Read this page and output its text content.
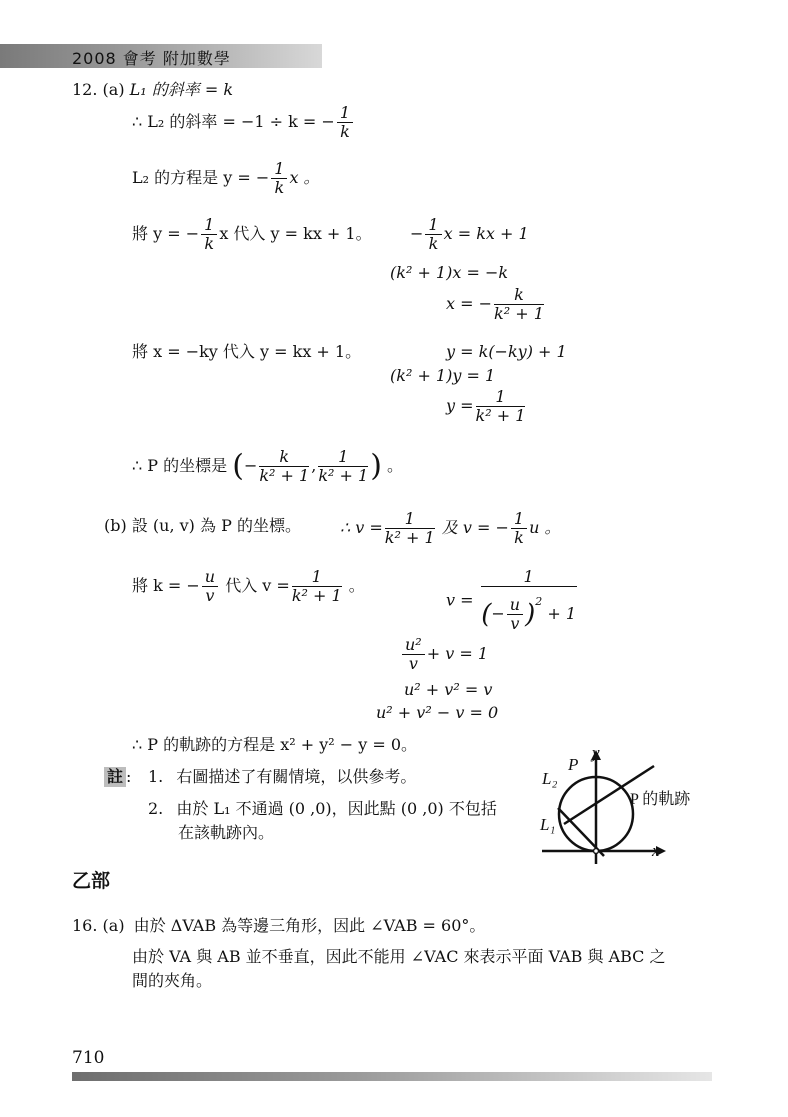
2008 會考 附加數學
12. (a) L₁ 的斜率 = k
∴ L₂ 的斜率 = −1 ÷ k = − $\frac{1}{k}$
L₂ 的方程是 y = − $\frac{1}{k}$ x 。
將 y = − $\frac{1}{k}$ x 代入 y = kx + 1。 − $\frac{1}{k}$ x = kx + 1
(k² + 1)x = −k
x = − $\frac{k}{\text{k² + 1}}$
將 x = −ky 代入 y = kx + 1。	y = k(−ky) + 1
(k² + 1)y = 1
$y = \frac{1}{\text{k² + 1}}$
∴ P 的坐標是 (− $\frac{k}{\text{k² + 1}}$ , $\frac{1}{\text{k² + 1}}$ ) 。
(b) 設 (u, v) 為 P 的坐標。 ∴ $v = \frac{1}{\text{k² + 1}}$ 及 v = − $\frac{1}{k}$ u 。
將 k = − $\frac{u}{v}$ 代入 $v = \frac{1}{\text{k² + 1}}$ 。
$v = \frac{1}{(- \frac{u}{v} )^2 + 1}$
$\frac{\text{u²}}{v} + v = 1$
u² + v² = v
u² + v² − v = 0
∴ P 的軌跡的方程是 x² + y² − y = 0。
註 : 1. 右圖描述了有關情境，以供參考。
2. 由於 L₁ 不通過 (0 ,0)，因此點 (0 ,0) 不包括
在該軌跡內。
P
y
L₂
L₁
P 的軌跡
x
乙部
16. (a) 由於 ΔVAB 為等邊三角形，因此 ∠VAB = 60°。
由於 VA 與 AB 並不垂直，因此不能用 ∠VAC 來表示平面 VAB 與 ABC 之
間的夾角。
710
